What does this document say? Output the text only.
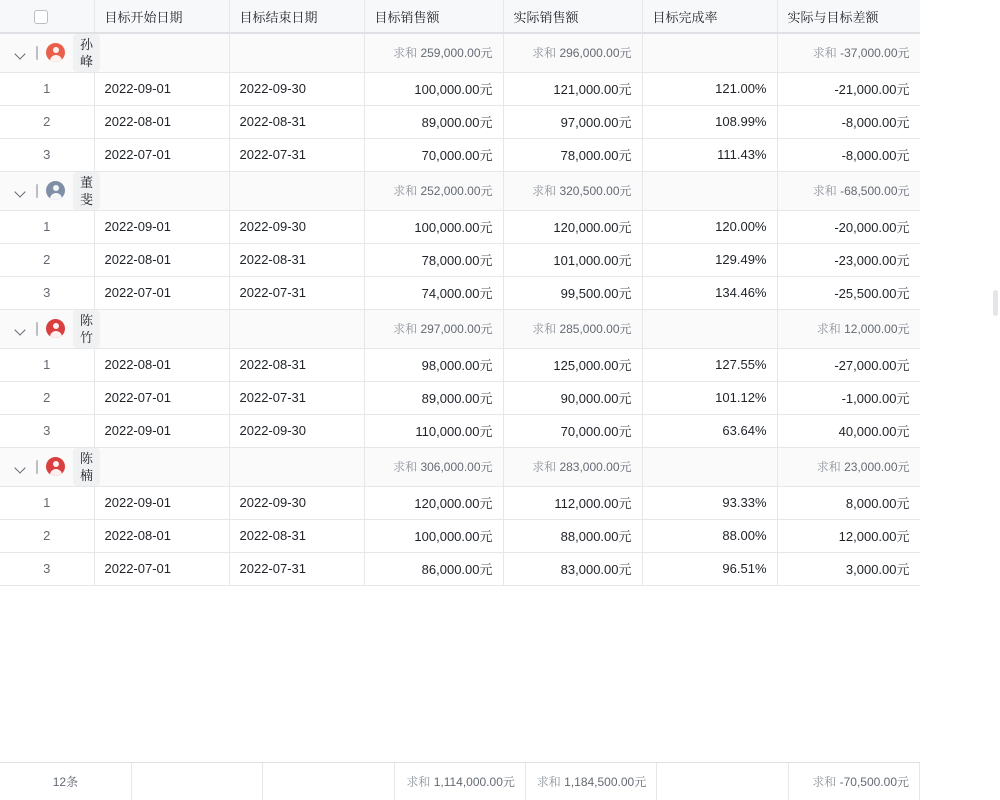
	目标开始日期	目标结束日期	目标销售额	实际销售额	目标完成率	实际与目标差额

孙峰			求和 259,000.00元	求和 296,000.00元		求和 -37,000.00元
1	2022-09-01	2022-09-30	100,000.00元	121,000.00元	121.00%	-21,000.00元
2	2022-08-01	2022-08-31	89,000.00元	97,000.00元	108.99%	-8,000.00元
3	2022-07-01	2022-07-31	70,000.00元	78,000.00元	111.43%	-8,000.00元

董斐			求和 252,000.00元	求和 320,500.00元		求和 -68,500.00元
1	2022-09-01	2022-09-30	100,000.00元	120,000.00元	120.00%	-20,000.00元
2	2022-08-01	2022-08-31	78,000.00元	101,000.00元	129.49%	-23,000.00元
3	2022-07-01	2022-07-31	74,000.00元	99,500.00元	134.46%	-25,500.00元

陈竹			求和 297,000.00元	求和 285,000.00元		求和 12,000.00元
1	2022-08-01	2022-08-31	98,000.00元	125,000.00元	127.55%	-27,000.00元
2	2022-07-01	2022-07-31	89,000.00元	90,000.00元	101.12%	-1,000.00元
3	2022-09-01	2022-09-30	110,000.00元	70,000.00元	63.64%	40,000.00元

陈楠			求和 306,000.00元	求和 283,000.00元		求和 23,000.00元
1	2022-09-01	2022-09-30	120,000.00元	112,000.00元	93.33%	8,000.00元
2	2022-08-01	2022-08-31	100,000.00元	88,000.00元	88.00%	12,000.00元
3	2022-07-01	2022-07-31	86,000.00元	83,000.00元	96.51%	3,000.00元
12条			求和 1,114,000.00元	求和 1,184,500.00元		求和 -70,500.00元
